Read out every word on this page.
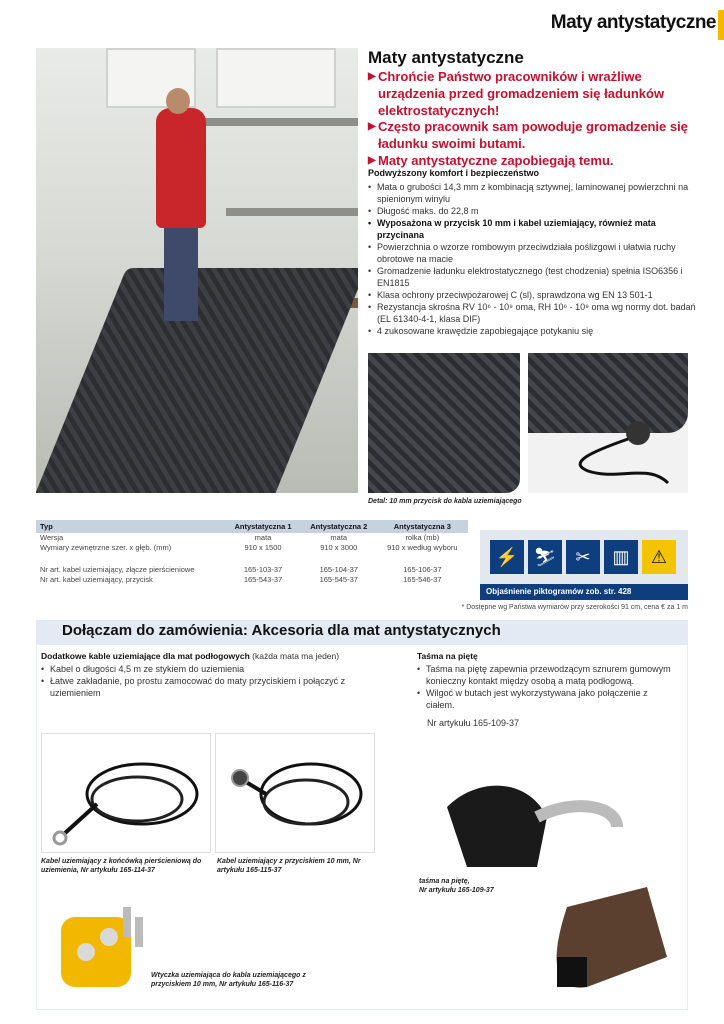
Maty antystatyczne
Maty antystatyczne
▶ Chrońcie Państwo pracowników i wrażliwe urządzenia przed gromadzeniem się ładunków elektrostatycznych!
▶ Często pracownik sam powoduje gromadzenie się ładunku swoimi butami.
▶ Maty antystatyczne zapobiegają temu.
Podwyższony komfort i bezpieczeństwo
• Mata o grubości 14,3 mm z kombinacją sztywnej, laminowanej powierzchni na spienionym winylu
• Długość maks. do 22,8 m
• Wyposażona w przycisk 10 mm i kabel uziemiający, również mata przycinana
• Powierzchnia o wzorze rombowym przeciwdziała poślizgowi i ułatwia ruchy obrotowe na macie
• Gromadzenie ładunku elektrostatycznego (test chodzenia) spełnia ISO6356 i EN1815
• Klasa ochrony przeciwpożarowej C (sl), sprawdzona wg EN 13 501-1
• Rezystancja skrośna RV 10⁶ - 10⁹ oma, RH 10⁶ - 10⁹ oma wg normy dot. badań (EL 61340-4-1, klasa DIF)
• 4 zukosowane krawędzie zapobiegające potykaniu się
Detal: 10 mm przycisk do kabla uziemiającego
Typ	Antystatyczna 1	Antystatyczna 2	Antystatyczna 3
Wersja	mata	mata	rolka (mb)
Wymiary zewnętrzne szer. x głęb. (mm)	910 x 1500	910 x 3000	910 x według wyboru

Nr art. kabel uziemiający, złącze pierścieniowe	165-103-37	165-104-37	165-106-37
Nr art. kabel uziemiający, przycisk	165-543-37	165-545-37	165-546-37
⚡ ⛷	✂	▥	⚠
Objaśnienie piktogramów zob. str. 428
* Dostępne wg Państwa wymiarów przy szerokości 91 cm, cena € za 1 m
Dołączam do zamówienia: Akcesoria dla mat antystatycznych
Dodatkowe kable uziemiające dla mat podłogowych (każda mata ma jeden)
• Kabel o długości 4,5 m ze stykiem do uziemienia
• Łatwe zakładanie, po prostu zamocować do maty przyciskiem i połączyć z uziemieniem
Taśma na piętę
• Taśma na piętę zapewnia przewodzącym sznurem gumowym konieczny kontakt między osobą a matą podłogową.
• Wilgoć w butach jest wykorzystywana jako połączenie z ciałem.
Nr artykułu 165-109-37
Kabel uziemiający z końcówką pierścieniową do uziemienia, Nr artykułu 165-114-37
Kabel uziemiający z przyciskiem 10 mm, Nr artykułu 165-115-37
taśma na piętę,
Nr artykułu 165-109-37
Wtyczka uziemiająca do kabla uziemiającego z przyciskiem 10 mm, Nr artykułu 165-116-37
